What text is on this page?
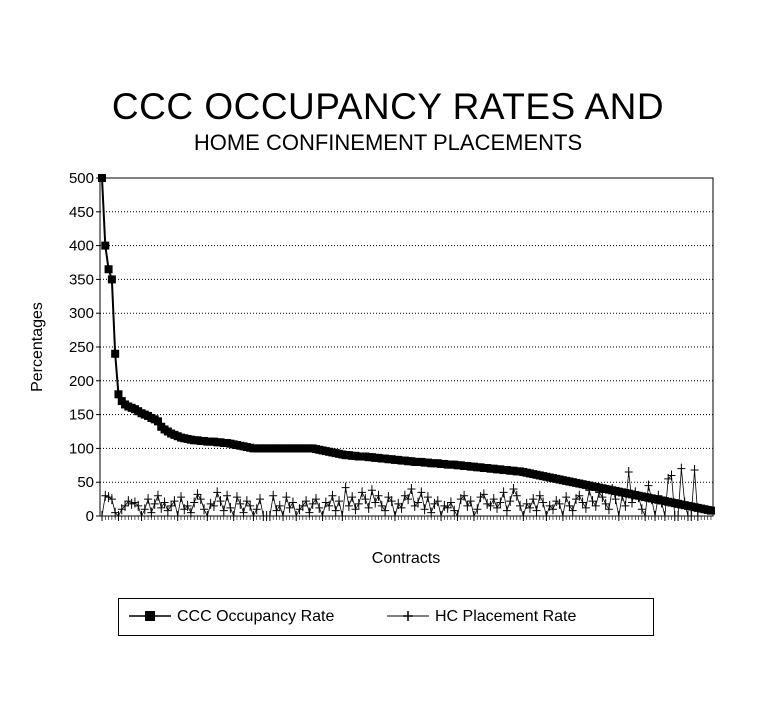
CCC OCCUPANCY RATES AND
HOME CONFINEMENT PLACEMENTS
0
50
100
150
200
250
300
350
400
450
500
Percentages
Contracts
CCC Occupancy Rate	HC Placement Rate
